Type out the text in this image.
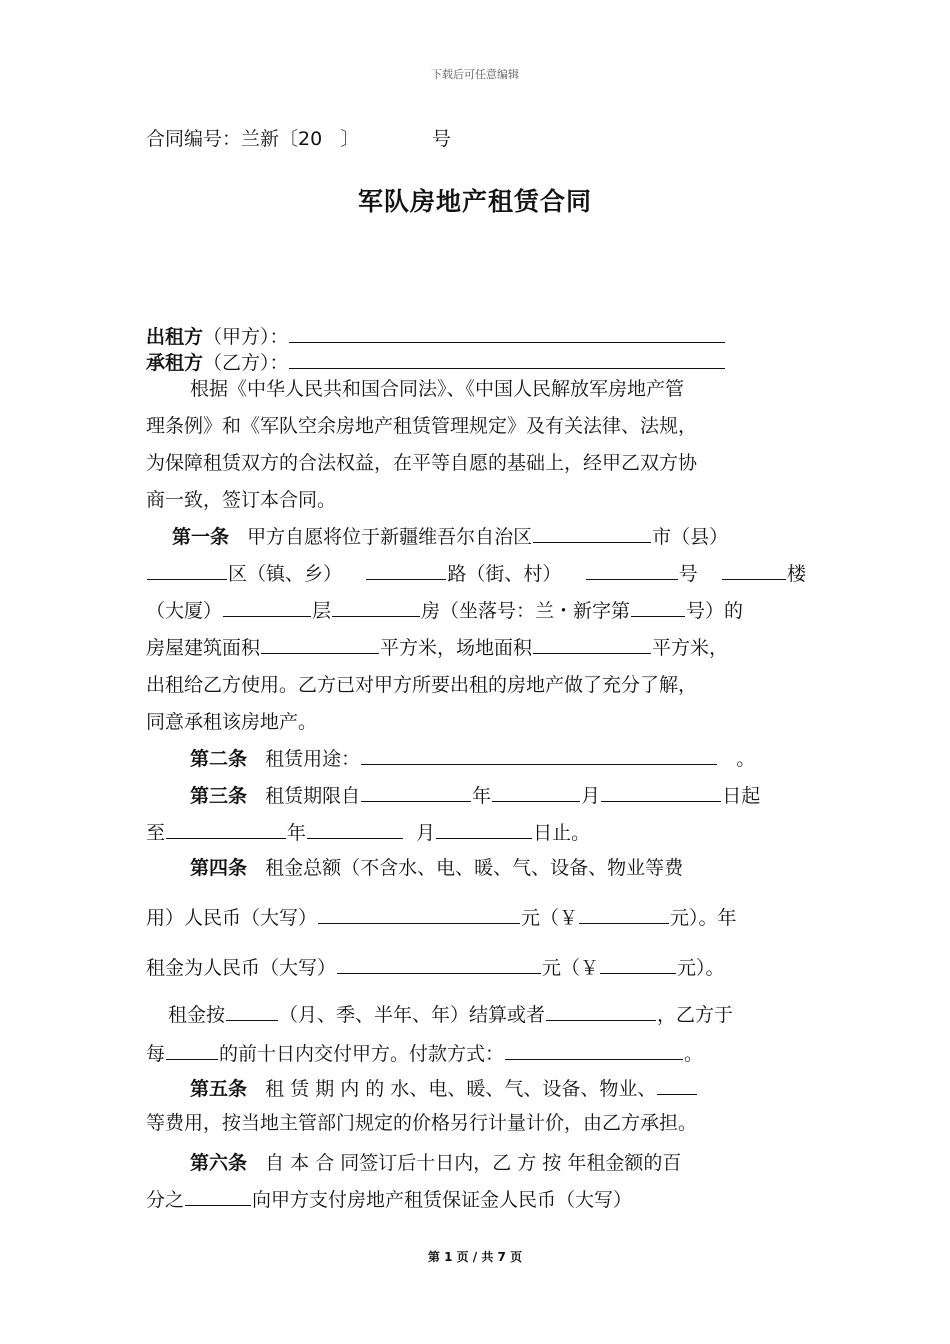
下载后可任意编辑
合同编号：兰新〔20 〕	号
军队房地产租赁合同
出租方（甲方）：
承租方（乙方）：
根据《中华人民共和国合同法》、《中国人民解放军房地产管
理条例》和《军队空余房地产租赁管理规定》及有关法律、法规，
为保障租赁双方的合法权益，在平等自愿的基础上，经甲乙双方协
商一致，签订本合同。
第一条 甲方自愿将位于新疆维吾尔自治区	市（县）
区（镇、乡）	路（街、村）	号	楼
（大厦）	层	房（坐落号：兰・新字第	号）的
房屋建筑面积	平方米，场地面积	平方米，
出租给乙方使用。乙方已对甲方所要出租的房地产做了充分了解，
同意承租该房地产。
第二条 租赁用途：	。
第三条 租赁期限自	年	月	日起
至	年	月	日止。
第四条 租金总额（不含水、电、暖、气、设备、物业等费
用）人民币（大写）	元（￥	元）。年
租金为人民币（大写）	元（￥	元）。
租金按	（月、季、半年、年）结算或者	，乙方于
每	的前十日内交付甲方。付款方式：	。
第五条 租 赁 期 内 的 水、电、暖、气、设备、物业、
等费用，按当地主管部门规定的价格另行计量计价，由乙方承担。
第六条 自 本 合 同签订后十日内，乙 方 按 年租金额的百
分之	向甲方支付房地产租赁保证金人民币（大写）
第 1 页 / 共 7 页
